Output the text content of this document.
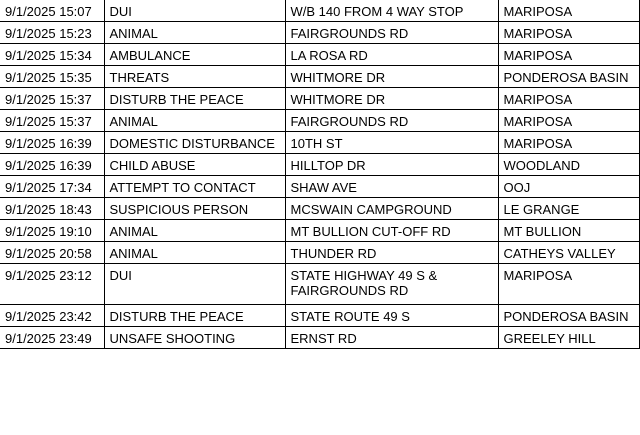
9/1/2025 15:07	DUI	W/B 140 FROM 4 WAY STOP	MARIPOSA
9/1/2025 15:23	ANIMAL	FAIRGROUNDS RD	MARIPOSA
9/1/2025 15:34	AMBULANCE	LA ROSA RD	MARIPOSA
9/1/2025 15:35	THREATS	WHITMORE DR	PONDEROSA BASIN
9/1/2025 15:37	DISTURB THE PEACE	WHITMORE DR	MARIPOSA
9/1/2025 15:37	ANIMAL	FAIRGROUNDS RD	MARIPOSA
9/1/2025 16:39	DOMESTIC DISTURBANCE	10TH ST	MARIPOSA
9/1/2025 16:39	CHILD ABUSE	HILLTOP DR	WOODLAND
9/1/2025 17:34	ATTEMPT TO CONTACT	SHAW AVE	OOJ
9/1/2025 18:43	SUSPICIOUS PERSON	MCSWAIN CAMPGROUND	LE GRANGE
9/1/2025 19:10	ANIMAL	MT BULLION CUT-OFF RD	MT BULLION
9/1/2025 20:58	ANIMAL	THUNDER RD	CATHEYS VALLEY
9/1/2025 23:12	DUI	STATE HIGHWAY 49 S & FAIRGROUNDS RD	MARIPOSA
9/1/2025 23:42	DISTURB THE PEACE	STATE ROUTE 49 S	PONDEROSA BASIN
9/1/2025 23:49	UNSAFE SHOOTING	ERNST RD	GREELEY HILL
